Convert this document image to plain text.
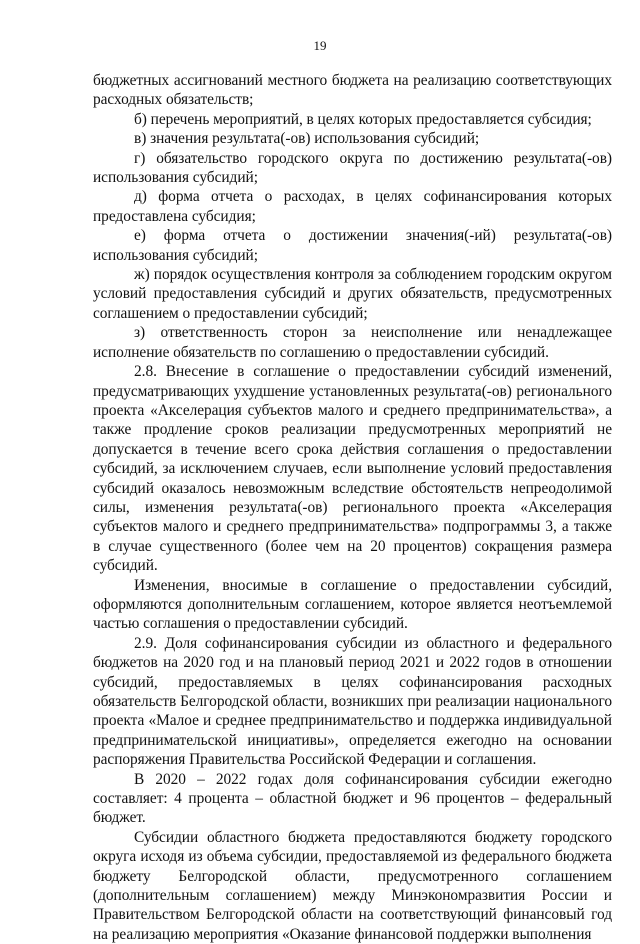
19

бюджетных ассигнований местного бюджета на реализацию соответствующих расходных обязательств;

б) перечень мероприятий, в целях которых предоставляется субсидия;

в) значения результата(-ов) использования субсидий;

г) обязательство городского округа по достижению результата(-ов) использования субсидий;

д) форма отчета о расходах, в целях софинансирования которых предоставлена субсидия;

е) форма отчета о достижении значения(-ий) результата(-ов) использования субсидий;

ж) порядок осуществления контроля за соблюдением городским округом условий предоставления субсидий и других обязательств, предусмотренных соглашением о предоставлении субсидий;

з) ответственность сторон за неисполнение или ненадлежащее исполнение обязательств по соглашению о предоставлении субсидий.

2.8. Внесение в соглашение о предоставлении субсидий изменений, предусматривающих ухудшение установленных результата(-ов) регионального проекта «Акселерация субъектов малого и среднего предпринимательства», а также продление сроков реализации предусмотренных мероприятий не допускается в течение всего срока действия соглашения о предоставлении субсидий, за исключением случаев, если выполнение условий предоставления субсидий оказалось невозможным вследствие обстоятельств непреодолимой силы, изменения результата(-ов) регионального проекта «Акселерация субъектов малого и среднего предпринимательства» подпрограммы 3, а также в случае существенного (более чем на 20 процентов) сокращения размера субсидий.

Изменения, вносимые в соглашение о предоставлении субсидий, оформляются дополнительным соглашением, которое является неотъемлемой частью соглашения о предоставлении субсидий.

2.9. Доля софинансирования субсидии из областного и федерального бюджетов на 2020 год и на плановый период 2021 и 2022 годов в отношении субсидий, предоставляемых в целях софинансирования расходных обязательств Белгородской области, возникших при реализации национального проекта «Малое и среднее предпринимательство и поддержка индивидуальной предпринимательской инициативы», определяется ежегодно на основании распоряжения Правительства Российской Федерации и соглашения.

В 2020 – 2022 годах доля софинансирования субсидии ежегодно составляет: 4 процента – областной бюджет и 96 процентов – федеральный бюджет.

Субсидии областного бюджета предоставляются бюджету городского округа исходя из объема субсидии, предоставляемой из федерального бюджета бюджету Белгородской области, предусмотренного соглашением (дополнительным соглашением) между Минэкономразвития России и Правительством Белгородской области на соответствующий финансовый год на реализацию мероприятия «Оказание финансовой поддержки выполнения
